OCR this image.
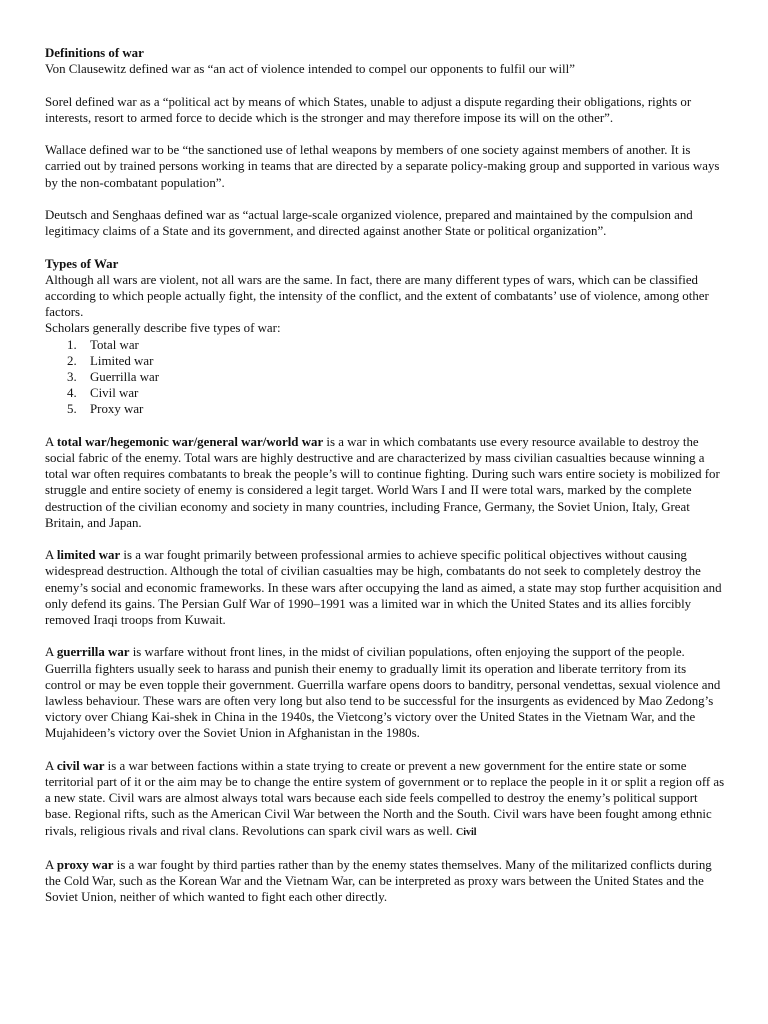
Definitions of war

Von Clausewitz defined war as “an act of violence intended to compel our opponents to fulfil our will”

Sorel defined war as a “political act by means of which States, unable to adjust a dispute regarding their obligations, rights or interests, resort to armed force to decide which is the stronger and may therefore impose its will on the other”.

Wallace defined war to be “the sanctioned use of lethal weapons by members of one society against members of another. It is carried out by trained persons working in teams that are directed by a separate policy-making group and supported in various ways by the non-combatant population”.

Deutsch and Senghaas defined war as “actual large-scale organized violence, prepared and maintained by the compulsion and legitimacy claims of a State and its government, and directed against another State or political organization”.

Types of War

Although all wars are violent, not all wars are the same. In fact, there are many different types of wars, which can be classified according to which people actually fight, the intensity of the conflict, and the extent of combatants’ use of violence, among other factors.

Scholars generally describe five types of war:

1. Total war
2. Limited war
3. Guerrilla war
4. Civil war
5. Proxy war

A total war/hegemonic war/general war/world war is a war in which combatants use every resource available to destroy the social fabric of the enemy. Total wars are highly destructive and are characterized by mass civilian casualties because winning a total war often requires combatants to break the people’s will to continue fighting. During such wars entire society is mobilized for struggle and entire society of enemy is considered a legit target. World Wars I and II were total wars, marked by the complete destruction of the civilian economy and society in many countries, including France, Germany, the Soviet Union, Italy, Great Britain, and Japan.

A limited war is a war fought primarily between professional armies to achieve specific political objectives without causing widespread destruction. Although the total of civilian casualties may be high, combatants do not seek to completely destroy the enemy’s social and economic frameworks. In these wars after occupying the land as aimed, a state may stop further acquisition and only defend its gains. The Persian Gulf War of 1990–1991 was a limited war in which the United States and its allies forcibly removed Iraqi troops from Kuwait.

A guerrilla war is warfare without front lines, in the midst of civilian populations, often enjoying the support of the people. Guerrilla fighters usually seek to harass and punish their enemy to gradually limit its operation and liberate territory from its control or may be even topple their government. Guerrilla warfare opens doors to banditry, personal vendettas, sexual violence and lawless behaviour. These wars are often very long but also tend to be successful for the insurgents as evidenced by Mao Zedong’s victory over Chiang Kai-shek in China in the 1940s, the Vietcong’s victory over the United States in the Vietnam War, and the Mujahideen’s victory over the Soviet Union in Afghanistan in the 1980s.

A civil war is a war between factions within a state trying to create or prevent a new government for the entire state or some territorial part of it or the aim may be to change the entire system of government or to replace the people in it or split a region off as a new state. Civil wars are almost always total wars because each side feels compelled to destroy the enemy’s political support base. Regional rifts, such as the American Civil War between the North and the South. Civil wars have been fought among ethnic rivals, religious rivals and rival clans. Revolutions can spark civil wars as well. Civil

A proxy war is a war fought by third parties rather than by the enemy states themselves. Many of the militarized conflicts during the Cold War, such as the Korean War and the Vietnam War, can be interpreted as proxy wars between the United States and the Soviet Union, neither of which wanted to fight each other directly.
